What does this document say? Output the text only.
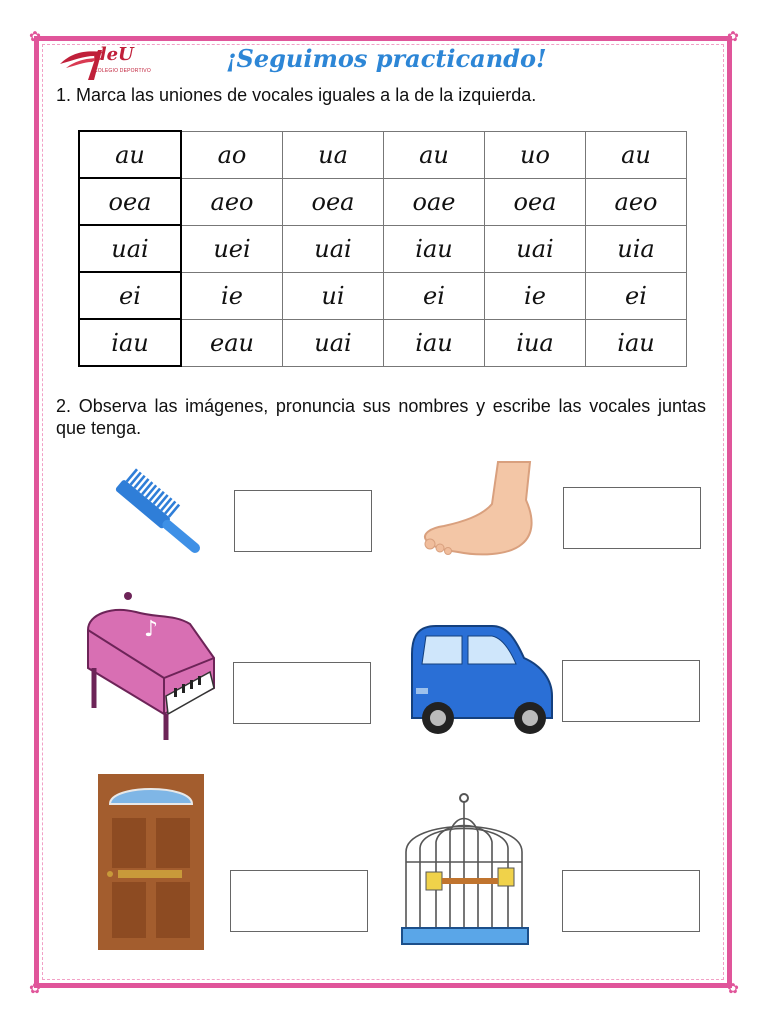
✿	✿
✿	✿
deU
COLEGIO DEPORTIVO	¡Seguimos practicando!
1. Marca las uniones de vocales iguales a la de la izquierda.
au	ao	ua	au	uo	au
oea	aeo	oea	oae	oea	aeo
uai	uei	uai	iau	uai	uia
ei	ie	ui	ei	ie	ei
iau	eau	uai	iau	iua	iau
2. Observa las imágenes, pronuncia sus nombres y escribe las vocales juntas que tenga.
♪
